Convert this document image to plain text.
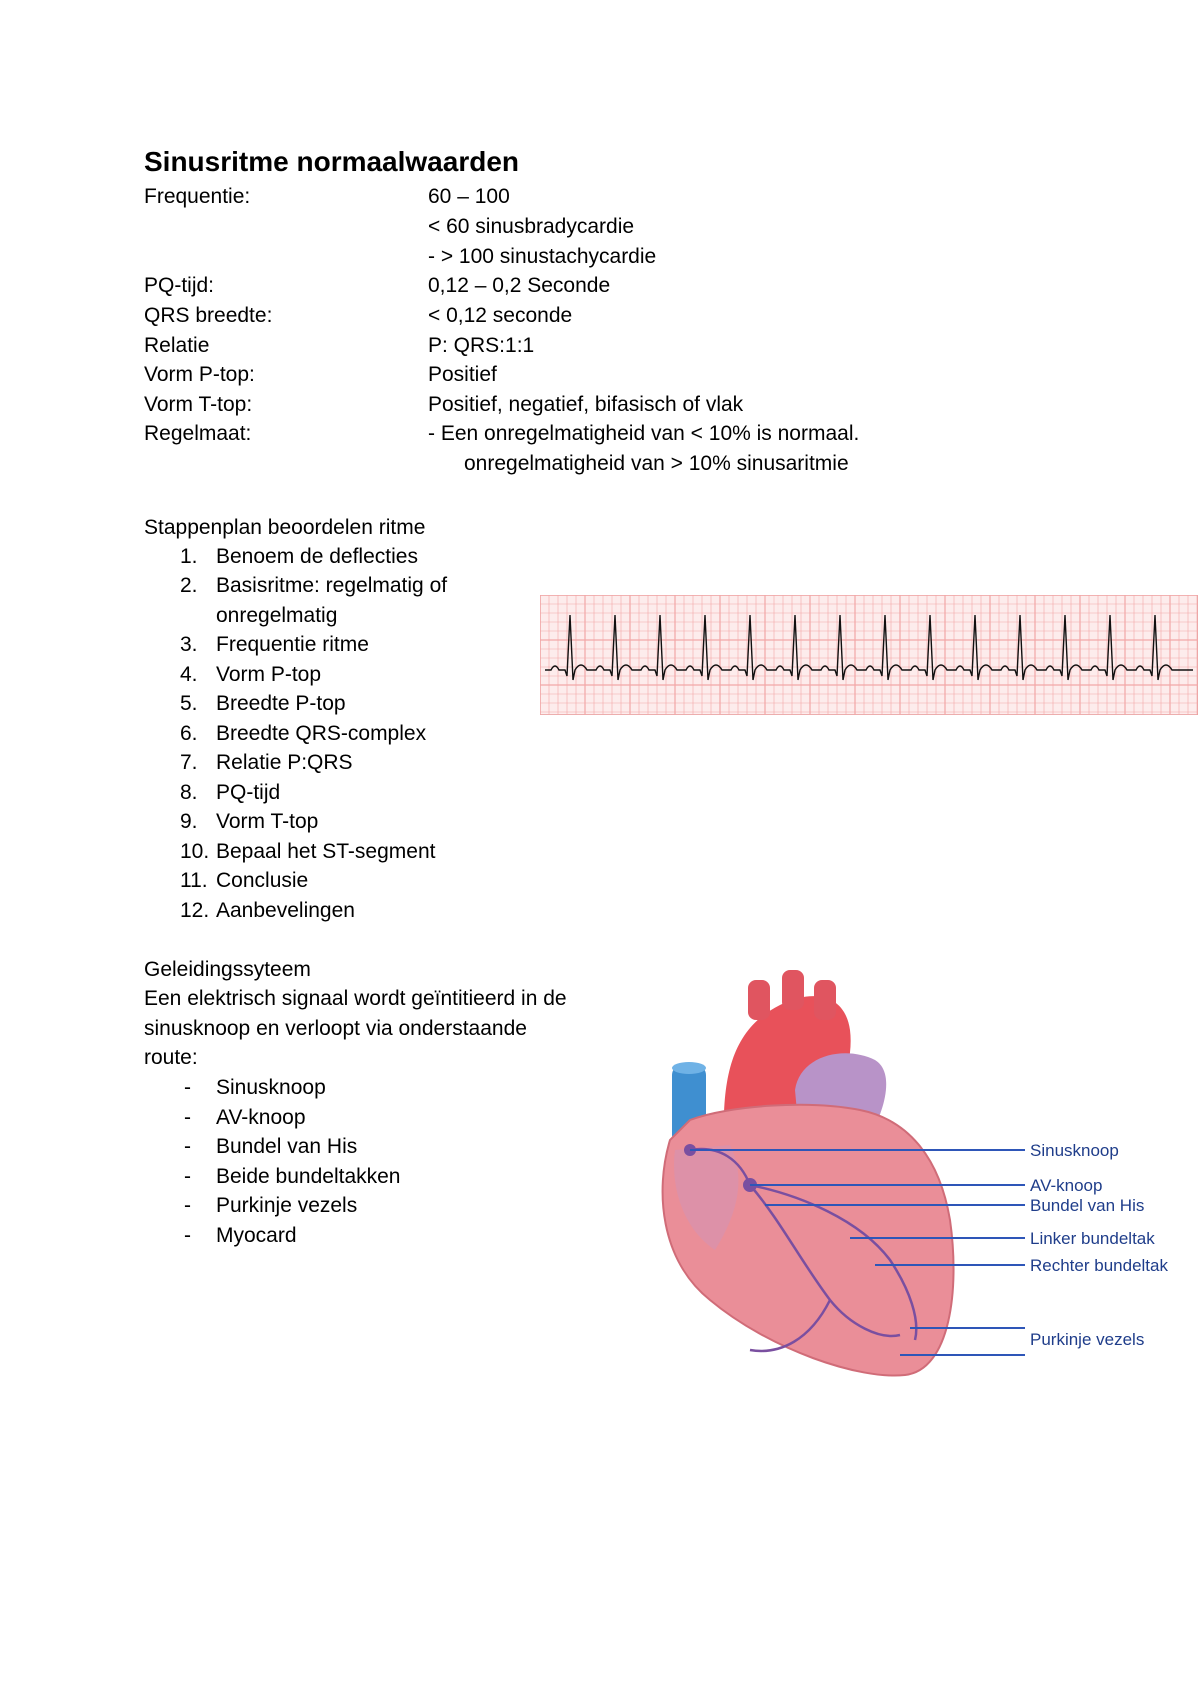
Sinusritme normaalwaarden
Frequentie:	60 – 100
< 60 sinusbradycardie
- > 100 sinustachycardie
PQ-tijd:	0,12 – 0,2 Seconde
QRS breedte:	< 0,12 seconde
Relatie	P: QRS:1:1
Vorm P-top:	Positief
Vorm T-top:	Positief, negatief, bifasisch of vlak
Regelmaat:	- Een onregelmatigheid van < 10% is normaal.
onregelmatigheid van > 10% sinusaritmie
Stappenplan beoordelen ritme
1. Benoem de deflecties
2. Basisritme: regelmatig of
onregelmatig
3. Frequentie ritme
4. Vorm P-top
5. Breedte P-top
6. Breedte QRS-complex
7. Relatie P:QRS
8. PQ-tijd
9. Vorm T-top
10. Bepaal het ST-segment
11. Conclusie
12. Aanbevelingen
Geleidingssyteem
Een elektrisch signaal wordt geïntitieerd in de
sinusknoop en verloopt via onderstaande
route:
- Sinusknoop
- AV-knoop
- Bundel van His
- Beide bundeltakken
- Purkinje vezels
- Myocard
Sinusknoop
AV-knoop
Bundel van His
Linker bundeltak
Rechter bundeltak
Purkinje vezels
